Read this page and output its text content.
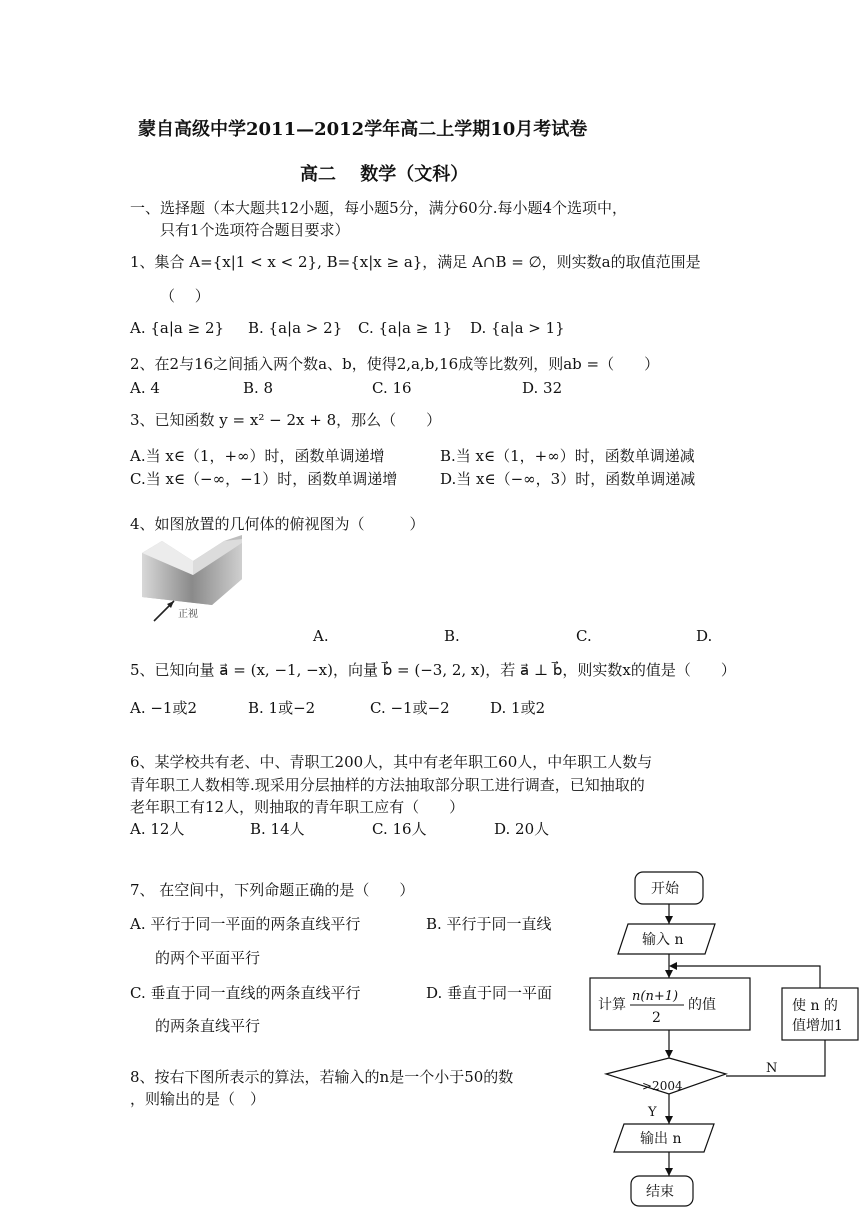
蒙自高级中学2011—2012学年高二上学期10月考试卷
高二　 数学（文科）
一、选择题（本大题共12小题，每小题5分，满分60分.每小题4个选项中，
只有1个选项符合题目要求）
1、集合 A={x|1 < x < 2}, B={x|x ≥ a}，满足 A∩B = ∅，则实数a的取值范围是
（　 ）
A. {a|a ≥ 2} B. {a|a > 2} C. {a|a ≥ 1} D. {a|a > 1}
2、在2与16之间插入两个数a、b，使得2,a,b,16成等比数列，则ab =（　　）
A. 4	B. 8	C. 16	D. 32
3、已知函数 y = x² − 2x + 8，那么（　　）
A.当 x∈（1，+∞）时，函数单调递增	B.当 x∈（1，+∞）时，函数单调递减
C.当 x∈（−∞，−1）时，函数单调递增	D.当 x∈（−∞，3）时，函数单调递减
4、如图放置的几何体的俯视图为（　　　）
正视
A.	B.	C.	D.
5、已知向量 a⃗ = (x, −1, −x)，向量 b⃗ = (−3, 2, x)，若 a⃗ ⊥ b⃗，则实数x的值是（　　）
A. −1或2	B. 1或−2	C. −1或−2	D. 1或2
6、某学校共有老、中、青职工200人，其中有老年职工60人，中年职工人数与
青年职工人数相等.现采用分层抽样的方法抽取部分职工进行调查，已知抽取的
老年职工有12人，则抽取的青年职工应有（　　）
A. 12人	B. 14人	C. 16人	D. 20人
7、 在空间中，下列命题正确的是（　　）
A. 平行于同一平面的两条直线平行	B. 平行于同一直线
的两个平面平行
C. 垂直于同一直线的两条直线平行	D. 垂直于同一平面
的两条直线平行
8、按右下图所表示的算法，若输入的n是一个小于50的数
，则输出的是（　）
开始
输入 n
计算
n(n+1)
2
的值	使 n 的
值增加1
>2004
N
Y
输出 n
结束
